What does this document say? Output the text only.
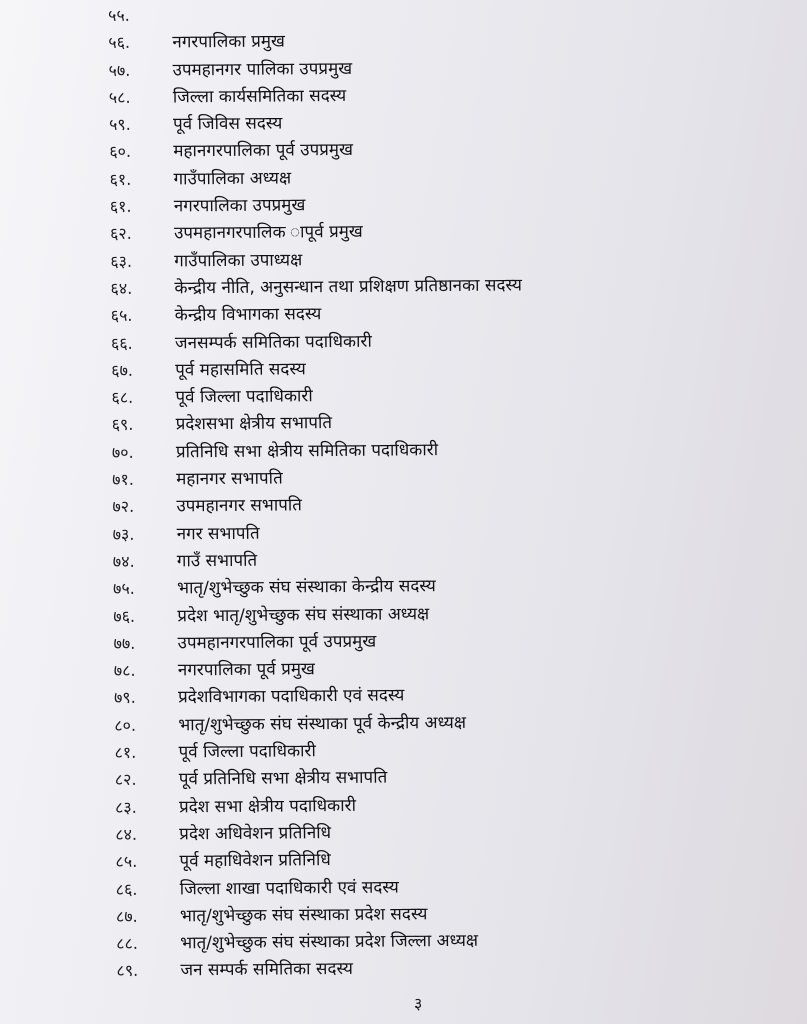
५५.
५६.	नगरपालिका प्रमुख
५७.	उपमहानगर पालिका उपप्रमुख
५८.	जिल्ला कार्यसमितिका सदस्य
५९.	पूर्व जिविस सदस्य
६०.	महानगरपालिका पूर्व उपप्रमुख
६१.	गाउँपालिका अध्यक्ष
६१.	नगरपालिका उपप्रमुख
६२.	उपमहानगरपालिक ापूर्व प्रमुख
६३.	गाउँपालिका उपाध्यक्ष
६४.	केन्द्रीय नीति, अनुसन्धान तथा प्रशिक्षण प्रतिष्ठानका सदस्य
६५.	केन्द्रीय विभागका सदस्य
६६.	जनसम्पर्क समितिका पदाधिकारी
६७.	पूर्व महासमिति सदस्य
६८.	पूर्व जिल्ला पदाधिकारी
६९.	प्रदेशसभा क्षेत्रीय सभापति
७०.	प्रतिनिधि सभा क्षेत्रीय समितिका पदाधिकारी
७१.	महानगर सभापति
७२.	उपमहानगर सभापति
७३.	नगर सभापति
७४.	गाउँ सभापति
७५.	भातृ/शुभेच्छुक संघ संस्थाका केन्द्रीय सदस्य
७६.	प्रदेश भातृ/शुभेच्छुक संघ संस्थाका अध्यक्ष
७७.	उपमहानगरपालिका पूर्व उपप्रमुख
७८.	नगरपालिका पूर्व प्रमुख
७९.	प्रदेशविभागका पदाधिकारी एवं सदस्य
८०.	भातृ/शुभेच्छुक संघ संस्थाका पूर्व केन्द्रीय अध्यक्ष
८१.	पूर्व जिल्ला पदाधिकारी
८२.	पूर्व प्रतिनिधि सभा क्षेत्रीय सभापति
८३.	प्रदेश सभा क्षेत्रीय पदाधिकारी
८४.	प्रदेश अधिवेशन प्रतिनिधि
८५.	पूर्व महाधिवेशन प्रतिनिधि
८६.	जिल्ला शाखा पदाधिकारी एवं सदस्य
८७.	भातृ/शुभेच्छुक संघ संस्थाका प्रदेश सदस्य
८८.	भातृ/शुभेच्छुक संघ संस्थाका प्रदेश जिल्ला अध्यक्ष
८९.	जन सम्पर्क समितिका सदस्य
३
